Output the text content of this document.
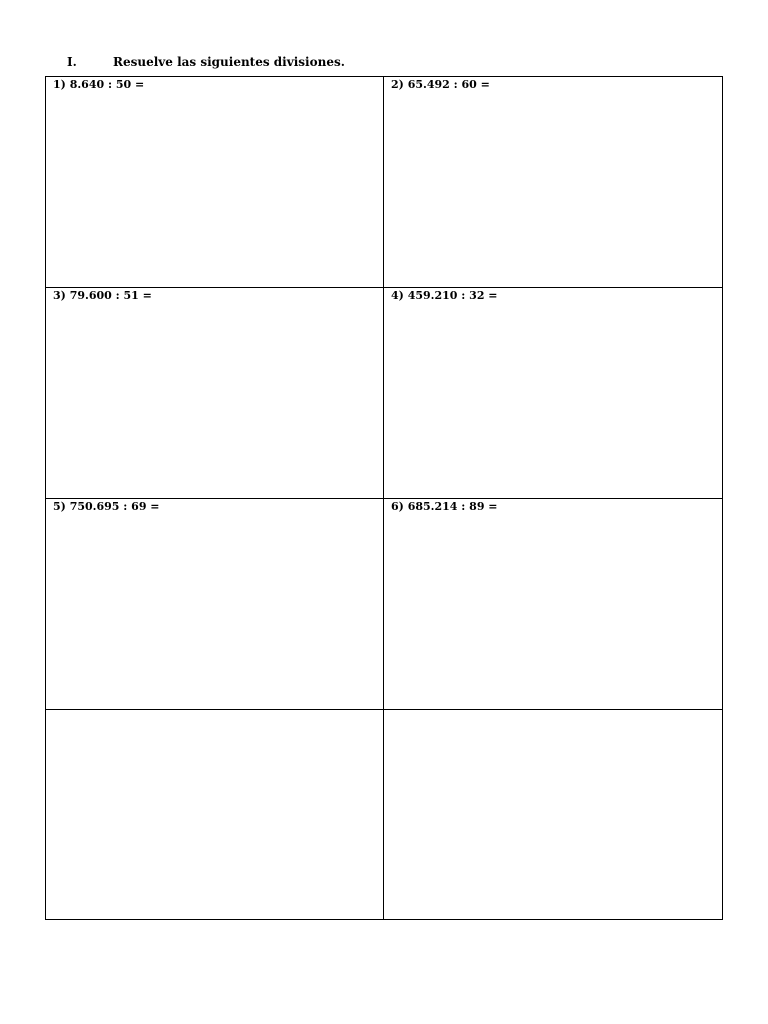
I.	Resuelve las siguientes divisiones.
1) 8.640 : 50 =	2) 65.492 : 60 =
3) 79.600 : 51 =	4) 459.210 : 32 =
5) 750.695 : 69 =	6) 685.214 : 89 =
